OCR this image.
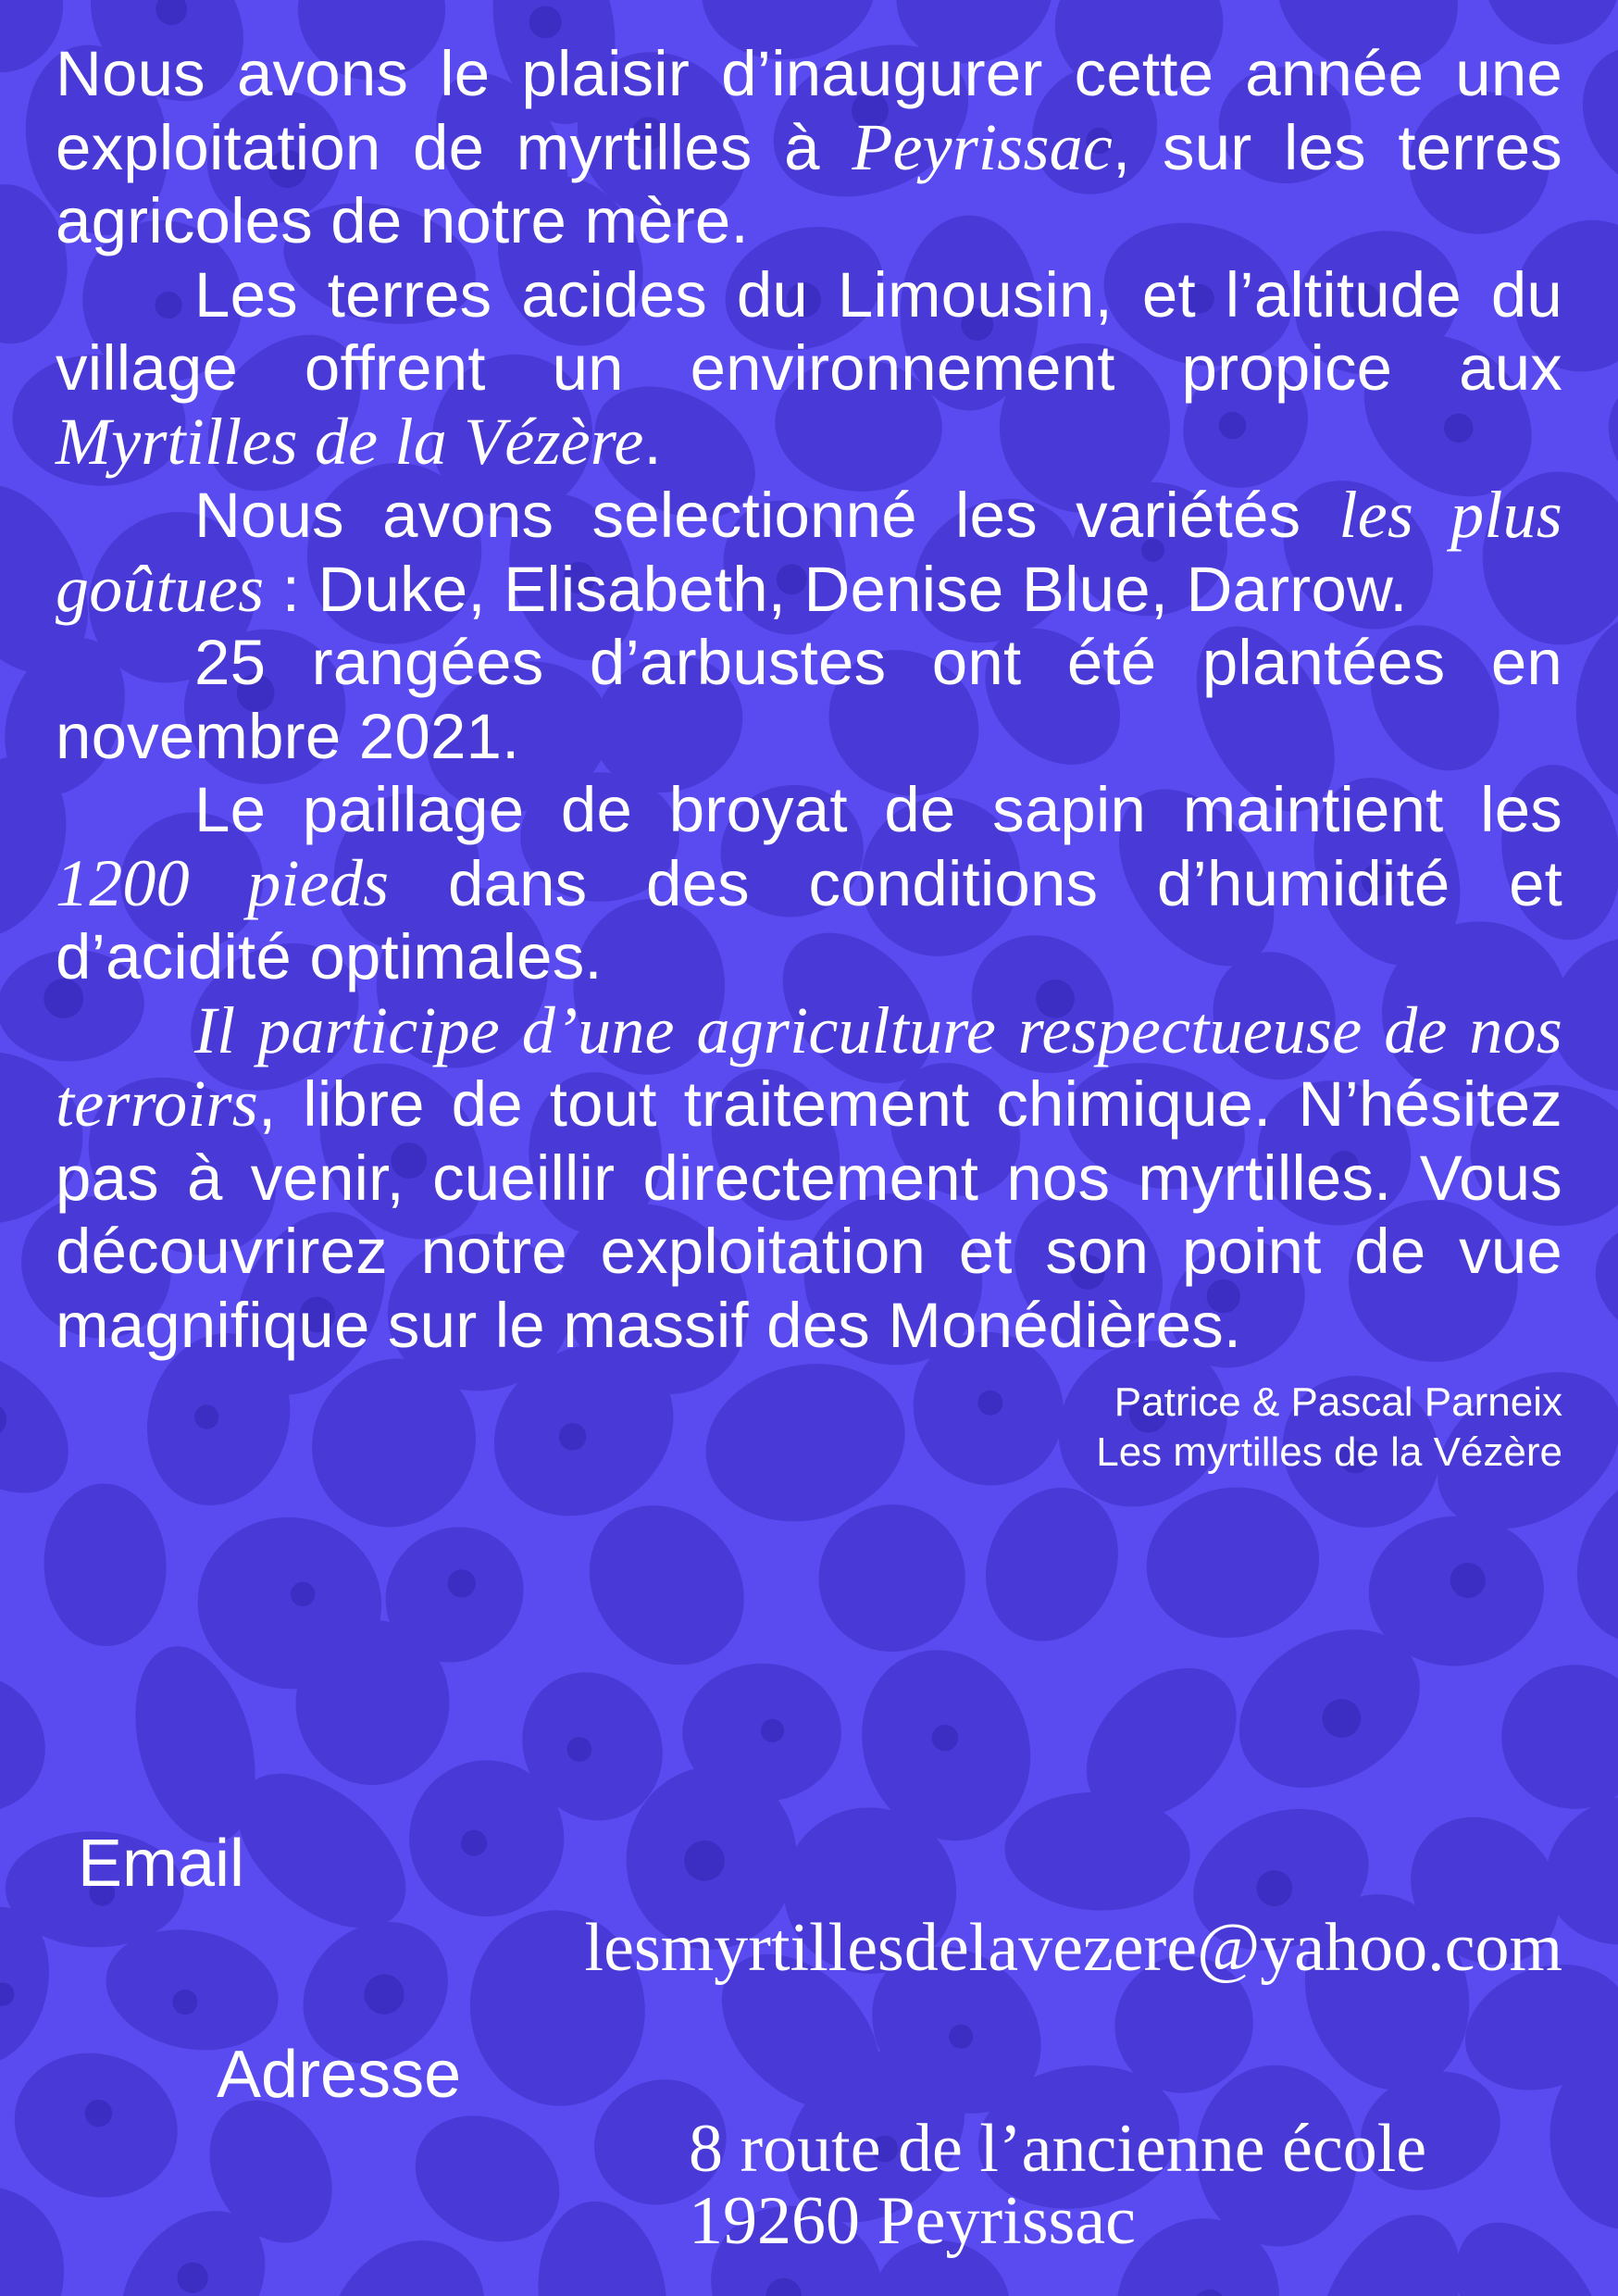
Nous avons le plaisir d’inaugurer cette année une exploitation de myrtilles à Peyrissac, sur les terres agricoles de notre mère.

Les terres acides du Limousin, et l’altitude du village offrent un environnement propice aux Myrtilles de la Vézère.

Nous avons selectionné les variétés les plus goûtues : Duke, Elisabeth, Denise Blue, Darrow.

25 rangées d’arbustes ont été plantées en novembre 2021.

Le paillage de broyat de sapin maintient les 1200 pieds dans des conditions d’humidité et d’acidité optimales.

Il participe d’une agriculture respectueuse de nos terroirs, libre de tout traitement chimique. N’hésitez pas à venir, cueillir directement nos myrtilles. Vous découvrirez notre exploitation et son point de vue magnifique sur le massif des Monédières.

Patrice & Pascal Parneix
Les myrtilles de la Vézère
Email
lesmyrtillesdelavezere@yahoo.com
Adresse
8 route de l’ancienne école
19260 Peyrissac
